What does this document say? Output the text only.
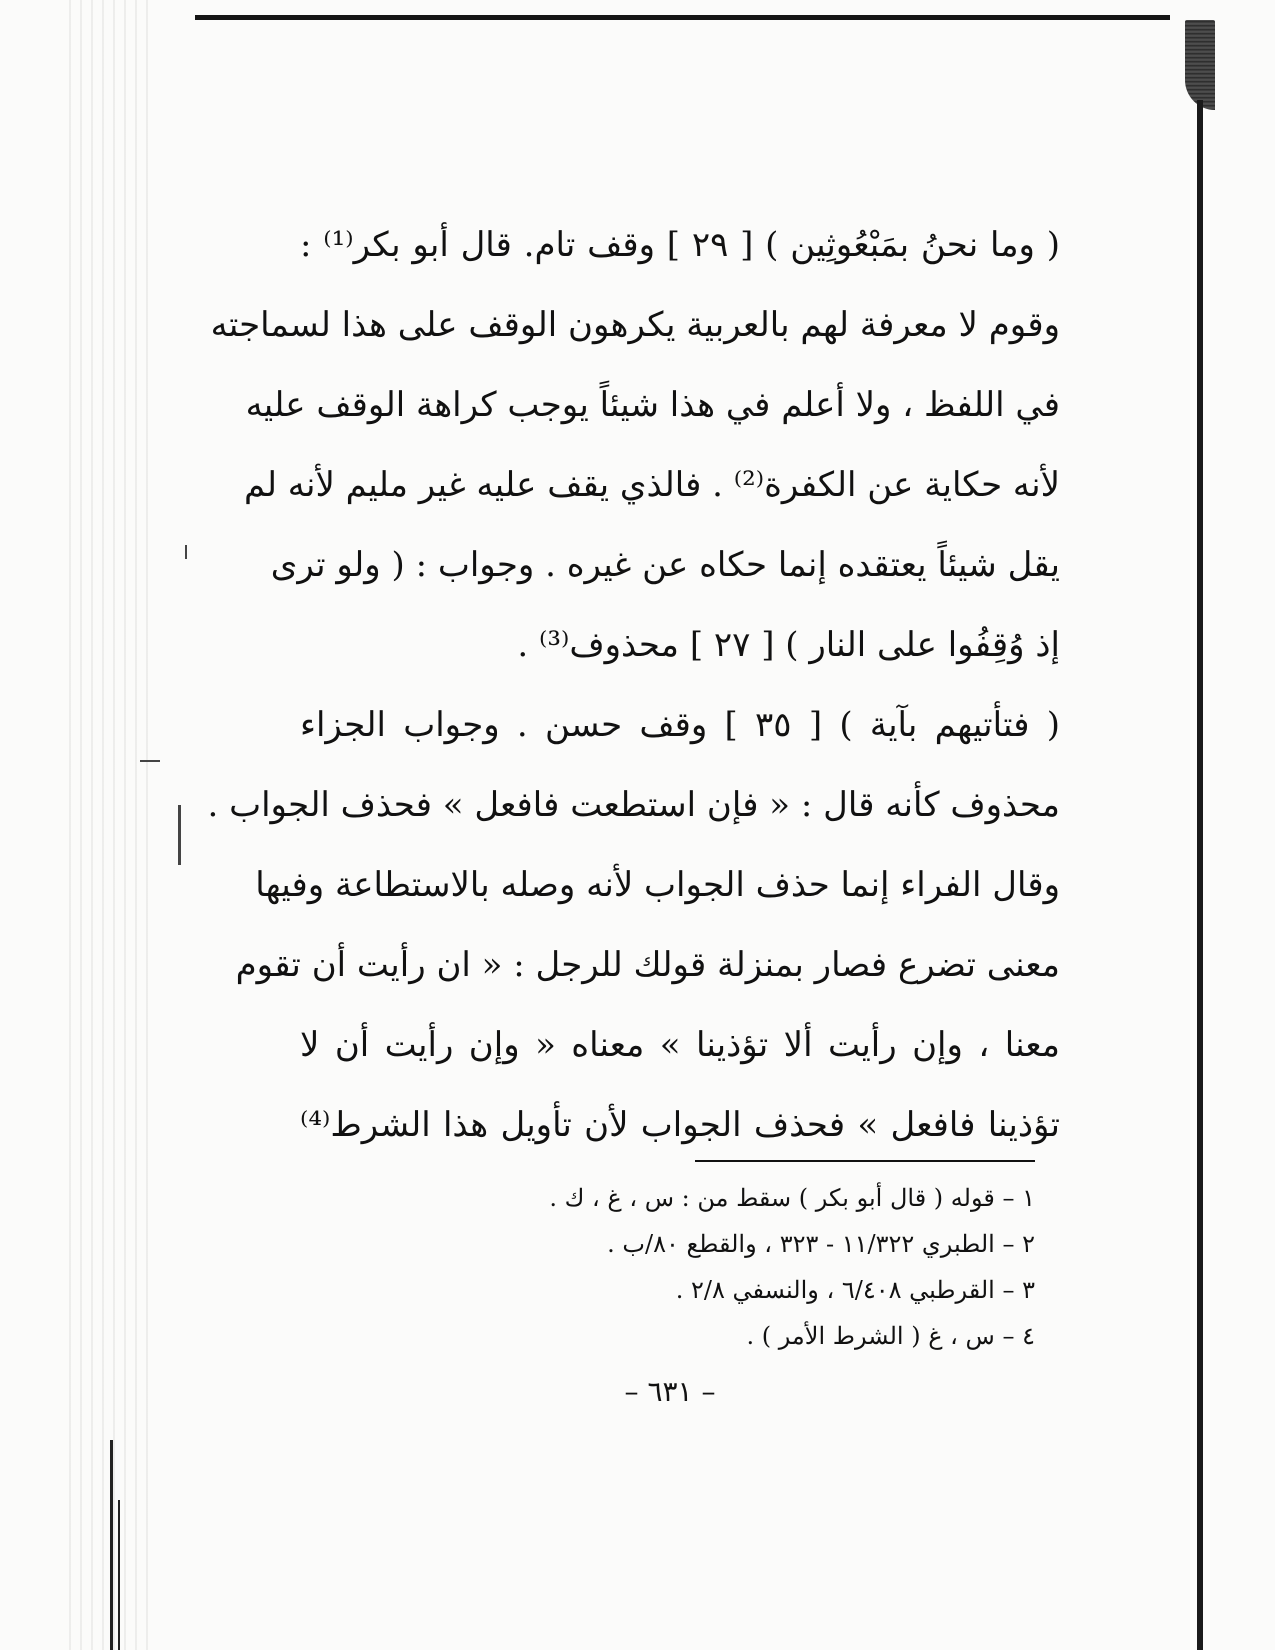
( وما نحنُ بمَبْعُوثِين ) [ ٢٩ ] وقف تام. قال أبو بكر⁽¹⁾ :
وقوم لا معرفة لهم بالعربية يكرهون الوقف على هذا لسماجته
في اللفظ ، ولا أعلم في هذا شيئاً يوجب كراهة الوقف عليه
لأنه حكاية عن الكفرة⁽²⁾ . فالذي يقف عليه غير مليم لأنه لم
يقل شيئاً يعتقده إنما حكاه عن غيره . وجواب : ( ولو ترى
إذ وُقِفُوا على النار ) [ ٢٧ ] محذوف⁽³⁾ .
( فتأتيهم بآية ) [ ٣٥ ] وقف حسن . وجواب الجزاء
محذوف كأنه قال : « فإن استطعت فافعل » فحذف الجواب .
وقال الفراء إنما حذف الجواب لأنه وصله بالاستطاعة وفيها
معنى تضرع فصار بمنزلة قولك للرجل : « ان رأيت أن تقوم
معنا ، وإن رأيت ألا تؤذينا » معناه « وإن رأيت أن لا
تؤذينا فافعل » فحذف الجواب لأن تأويل هذا الشرط⁽⁴⁾
١ – قوله ( قال أبو بكر ) سقط من : س ، غ ، ك .
٢ – الطبري ١١/٣٢٢ - ٣٢٣ ، والقطع ٨٠/ب .
٣ – القرطبي ٦/٤٠٨ ، والنسفي ٢/٨ .
٤ – س ، غ ( الشرط الأمر ) .
– ٦٣١ –
